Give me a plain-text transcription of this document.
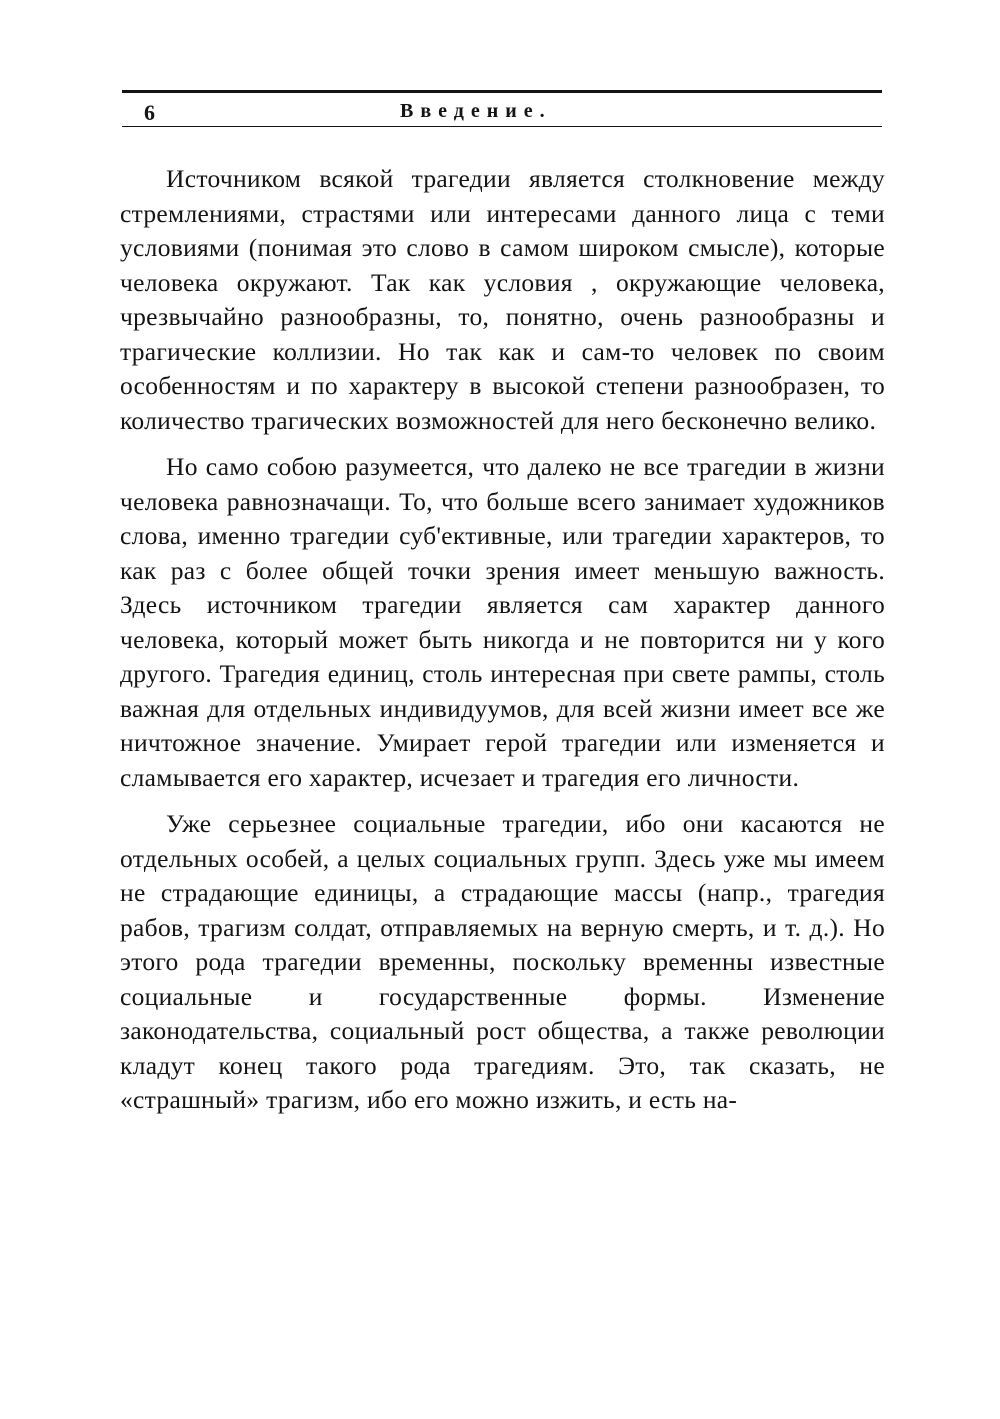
6	Введение.

Источником всякой трагедии является столкновение между стремлениями, страстями или интересами данного лица с теми условиями (понимая это слово в самом широком смысле), которые человека окружают. Так как условия , окружающие человека, чрезвычайно разнообразны, то, понятно, очень разнообразны и трагические коллизии. Но так как и сам-то человек по своим особенностям и по характеру в высокой степени разнообразен, то количество трагических возможностей для него бесконечно велико.

Но само собою разумеется, что далеко не все трагедии в жизни человека равнозначащи. То, что больше всего занимает художников слова, именно трагедии суб'ективные, или трагедии характеров, то как раз с более общей точки зрения имеет меньшую важность. Здесь источником трагедии является сам характер данного человека, который может быть никогда и не повторится ни у кого другого. Трагедия единиц, столь интересная при свете рампы, столь важная для отдельных индивидуумов, для всей жизни имеет все же ничтожное значение. Умирает герой трагедии или изменяется и сламывается его характер, исчезает и трагедия его личности.

Уже серьезнее социальные трагедии, ибо они касаются не отдельных особей, а целых социальных групп. Здесь уже мы имеем не страдающие единицы, а страдающие массы (напр., трагедия рабов, трагизм солдат, отправляемых на верную смерть, и т. д.). Но этого рода трагедии временны, поскольку временны известные социальные и государственные формы. Изменение законодательства, социальный рост общества, а также революции кладут конец такого рода трагедиям. Это, так сказать, не «страшный» трагизм, ибо его можно изжить, и есть на-
